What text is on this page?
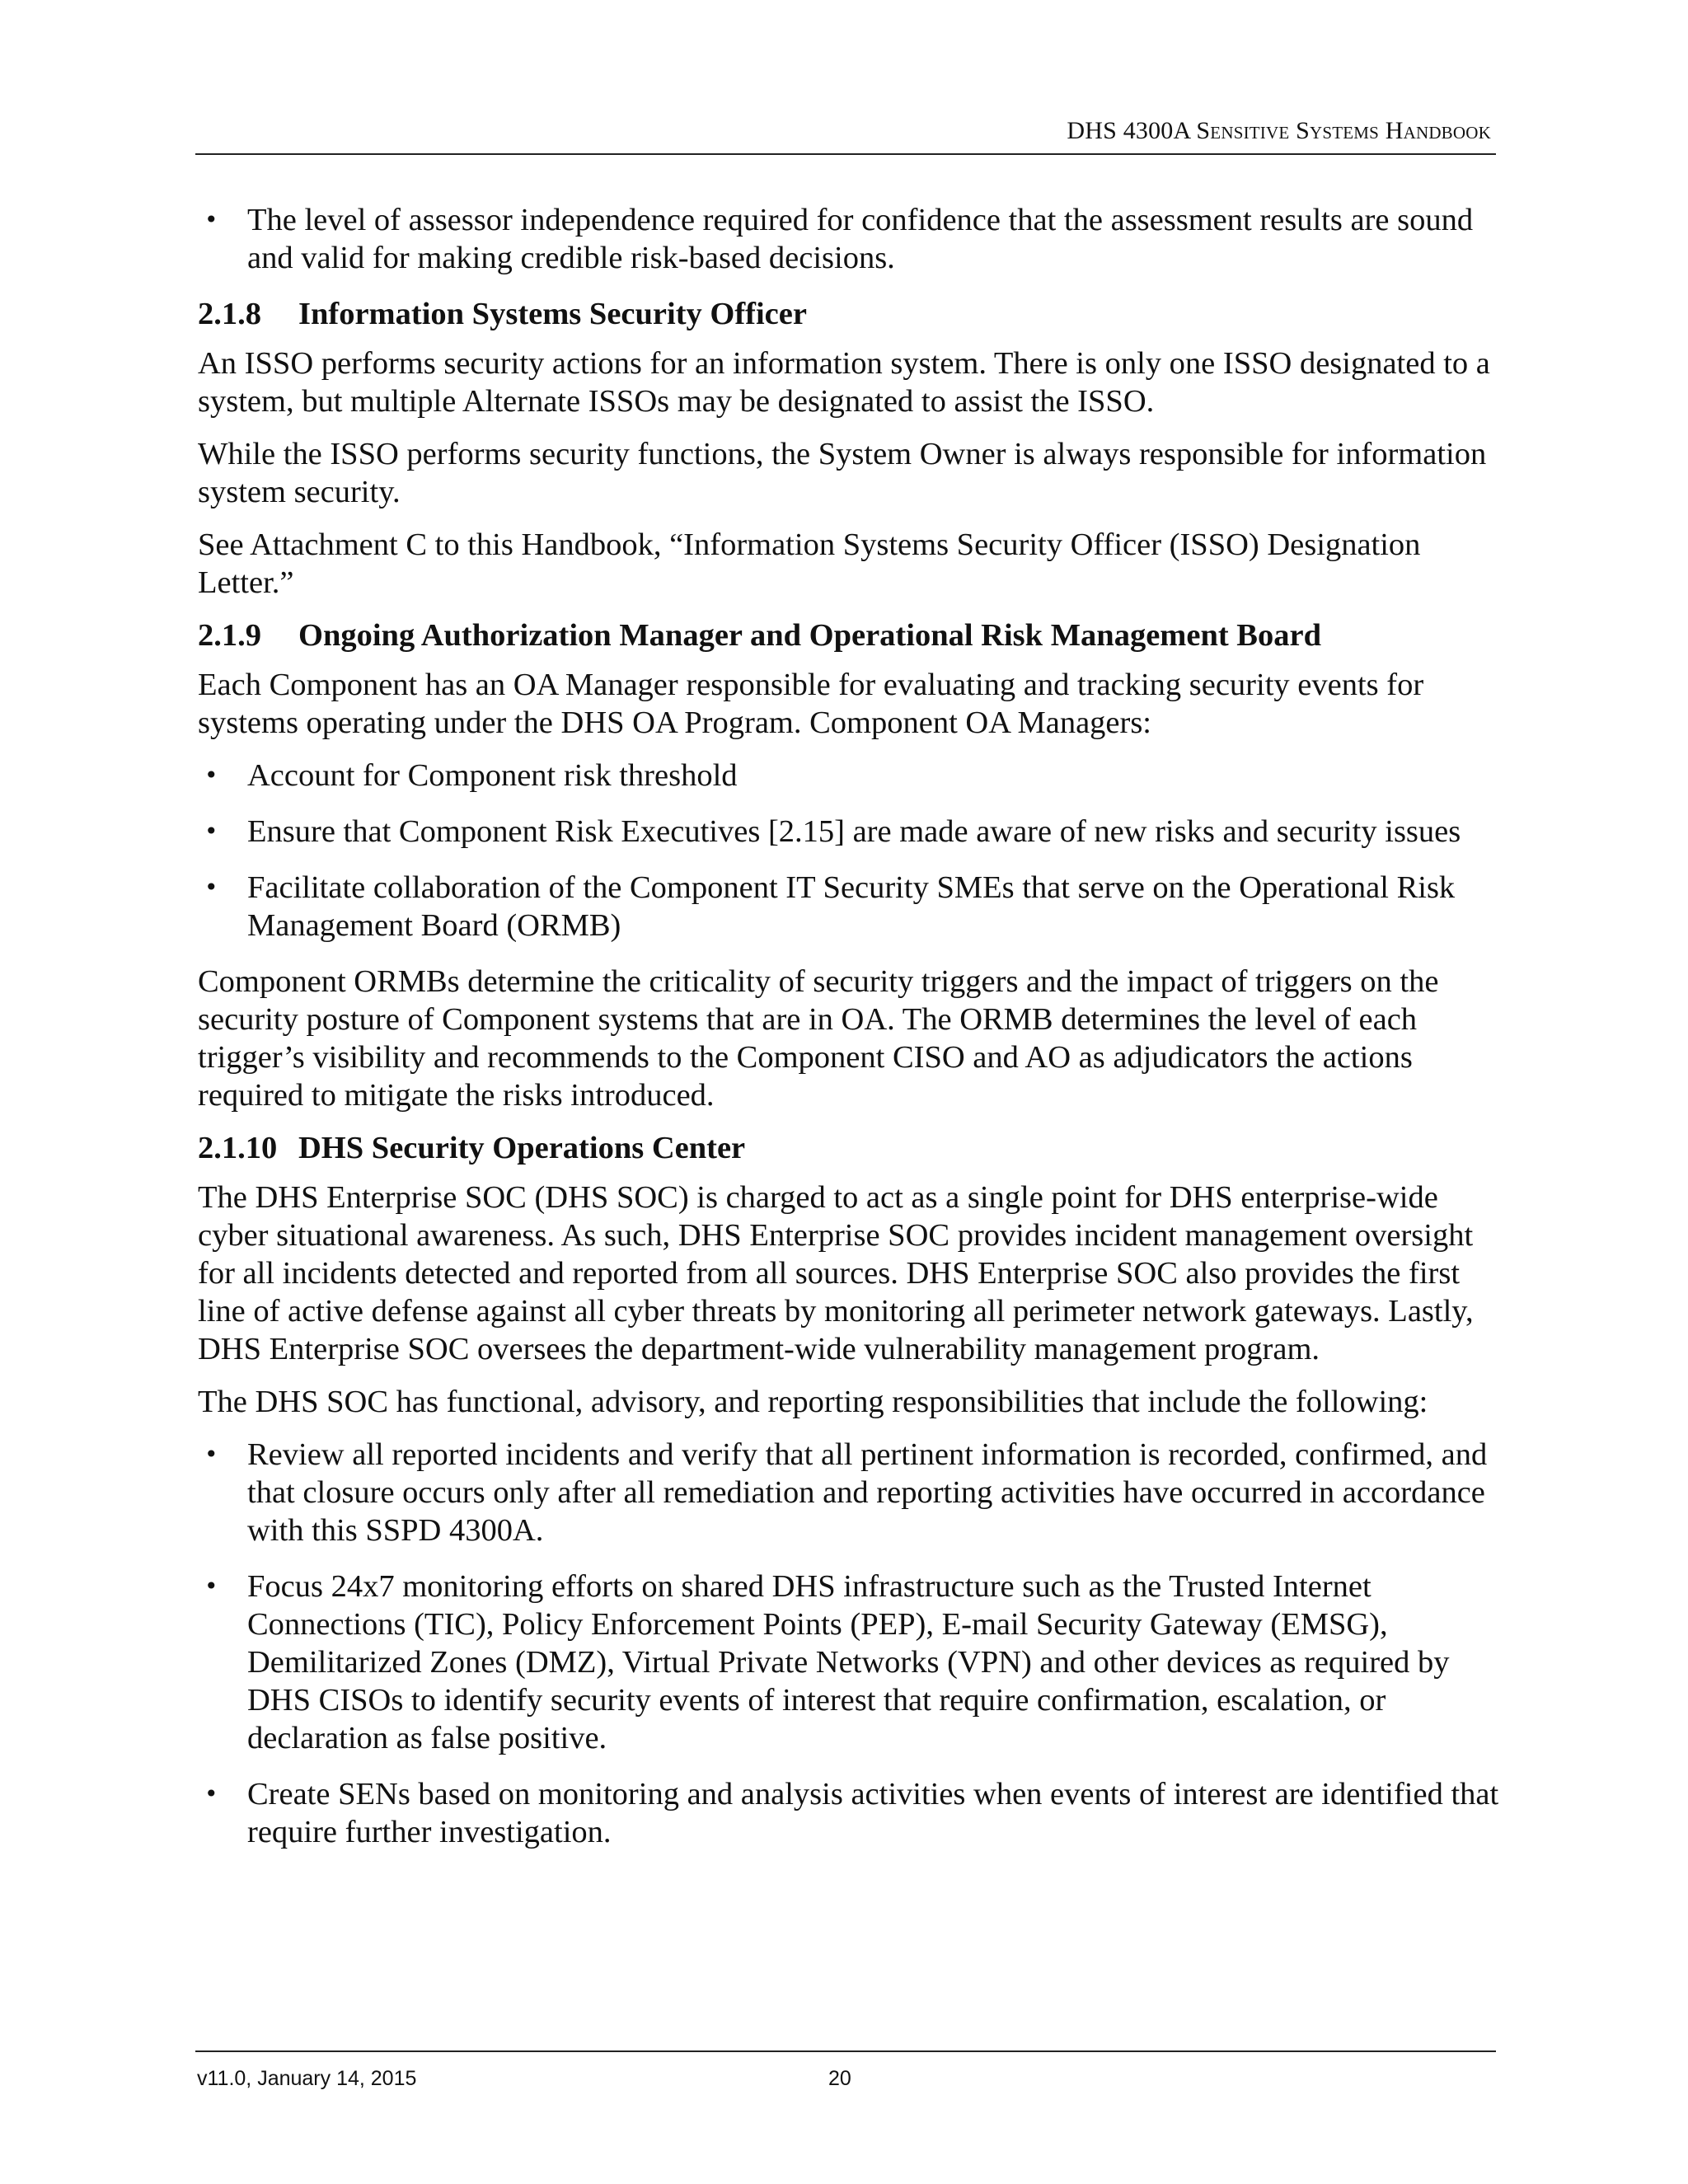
DHS 4300A Sensitive Systems Handbook
• The level of assessor independence required for confidence that the assessment results are sound and valid for making credible risk-based decisions.
2.1.8 Information Systems Security Officer

An ISSO performs security actions for an information system. There is only one ISSO designated to a system, but multiple Alternate ISSOs may be designated to assist the ISSO.

While the ISSO performs security functions, the System Owner is always responsible for information system security.

See Attachment C to this Handbook, “Information Systems Security Officer (ISSO) Designation Letter.”

2.1.9 Ongoing Authorization Manager and Operational Risk Management Board

Each Component has an OA Manager responsible for evaluating and tracking security events for systems operating under the DHS OA Program. Component OA Managers:

• Account for Component risk threshold
• Ensure that Component Risk Executives [2.15] are made aware of new risks and security issues
• Facilitate collaboration of the Component IT Security SMEs that serve on the Operational Risk Management Board (ORMB)

Component ORMBs determine the criticality of security triggers and the impact of triggers on the security posture of Component systems that are in OA. The ORMB determines the level of each trigger’s visibility and recommends to the Component CISO and AO as adjudicators the actions required to mitigate the risks introduced.

2.1.10 DHS Security Operations Center

The DHS Enterprise SOC (DHS SOC) is charged to act as a single point for DHS enterprise-wide cyber situational awareness. As such, DHS Enterprise SOC provides incident management oversight for all incidents detected and reported from all sources. DHS Enterprise SOC also provides the first line of active defense against all cyber threats by monitoring all perimeter network gateways. Lastly, DHS Enterprise SOC oversees the department-wide vulnerability management program.

The DHS SOC has functional, advisory, and reporting responsibilities that include the following:

• Review all reported incidents and verify that all pertinent information is recorded, confirmed, and that closure occurs only after all remediation and reporting activities have occurred in accordance with this SSPD 4300A.
• Focus 24x7 monitoring efforts on shared DHS infrastructure such as the Trusted Internet Connections (TIC), Policy Enforcement Points (PEP), E-mail Security Gateway (EMSG), Demilitarized Zones (DMZ), Virtual Private Networks (VPN) and other devices as required by DHS CISOs to identify security events of interest that require confirmation, escalation, or declaration as false positive.
• Create SENs based on monitoring and analysis activities when events of interest are identified that require further investigation.
v11.0, January 14, 2015	20
